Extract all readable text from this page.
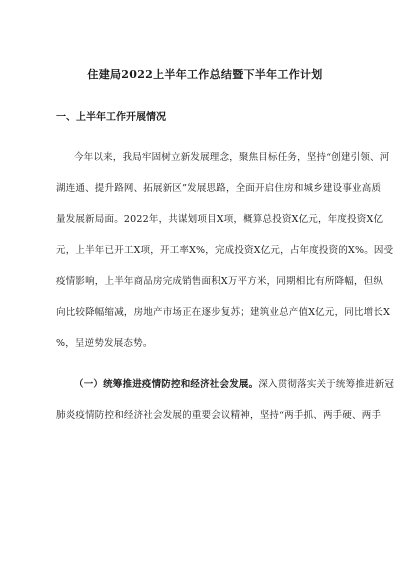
住建局2022上半年工作总结暨下半年工作计划
一、上半年工作开展情况
今年以来，我局牢固树立新发展理念，聚焦目标任务，坚持“创建引领、河
湖连通、提升路网、拓展新区”发展思路，全面开启住房和城乡建设事业高质
量发展新局面。2022年，共谋划项目X项，概算总投资X亿元，年度投资X亿
元，上半年已开工X项，开工率X%，完成投资X亿元，占年度投资的X%。因受
疫情影响，上半年商品房完成销售面积X万平方米，同期相比有所降幅，但纵
向比较降幅缩减，房地产市场正在逐步复苏；建筑业总产值X亿元，同比增长X
%，呈逆势发展态势。
（一）统筹推进疫情防控和经济社会发展。深入贯彻落实关于统筹推进新冠
肺炎疫情防控和经济社会发展的重要会议精神，坚持“两手抓、两手硬、两手
